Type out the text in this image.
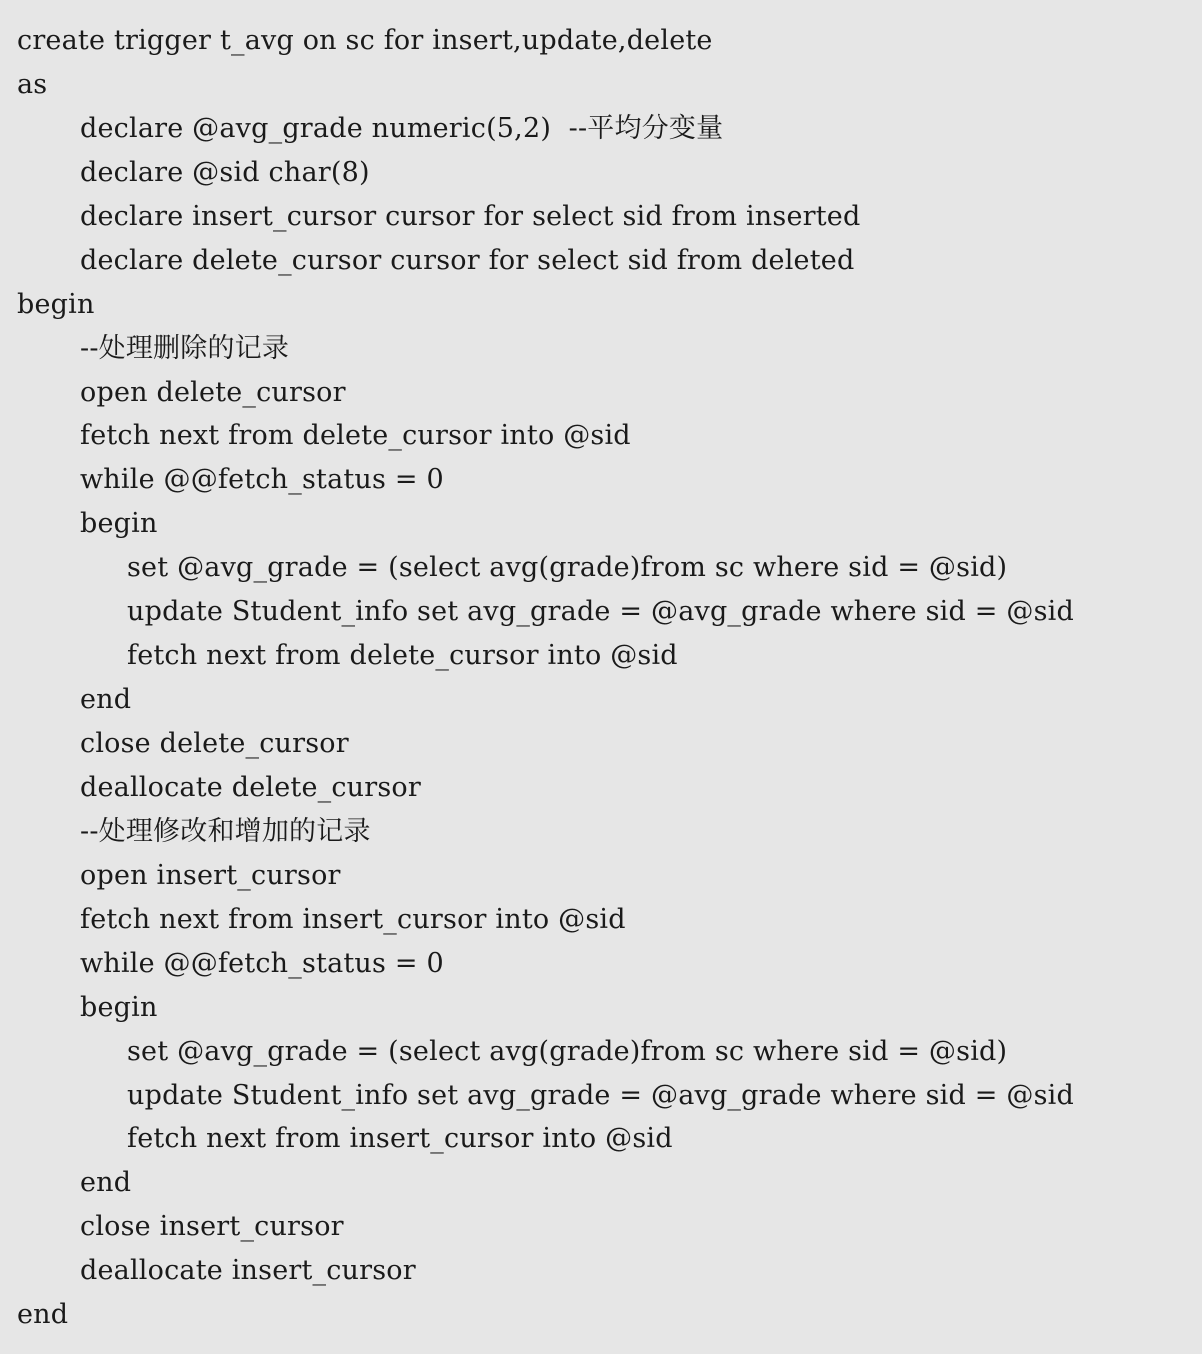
create trigger t_avg on sc for insert,update,delete
as
declare @avg_grade numeric(5,2)  --平均分变量
declare @sid char(8)
declare insert_cursor cursor for select sid from inserted
declare delete_cursor cursor for select sid from deleted
begin
--处理删除的记录
open delete_cursor
fetch next from delete_cursor into @sid
while @@fetch_status = 0
begin
set @avg_grade = (select avg(grade)from sc where sid = @sid)
update Student_info set avg_grade = @avg_grade where sid = @sid
fetch next from delete_cursor into @sid
end
close delete_cursor
deallocate delete_cursor
--处理修改和增加的记录
open insert_cursor
fetch next from insert_cursor into @sid
while @@fetch_status = 0
begin
set @avg_grade = (select avg(grade)from sc where sid = @sid)
update Student_info set avg_grade = @avg_grade where sid = @sid
fetch next from insert_cursor into @sid
end
close insert_cursor
deallocate insert_cursor
end
